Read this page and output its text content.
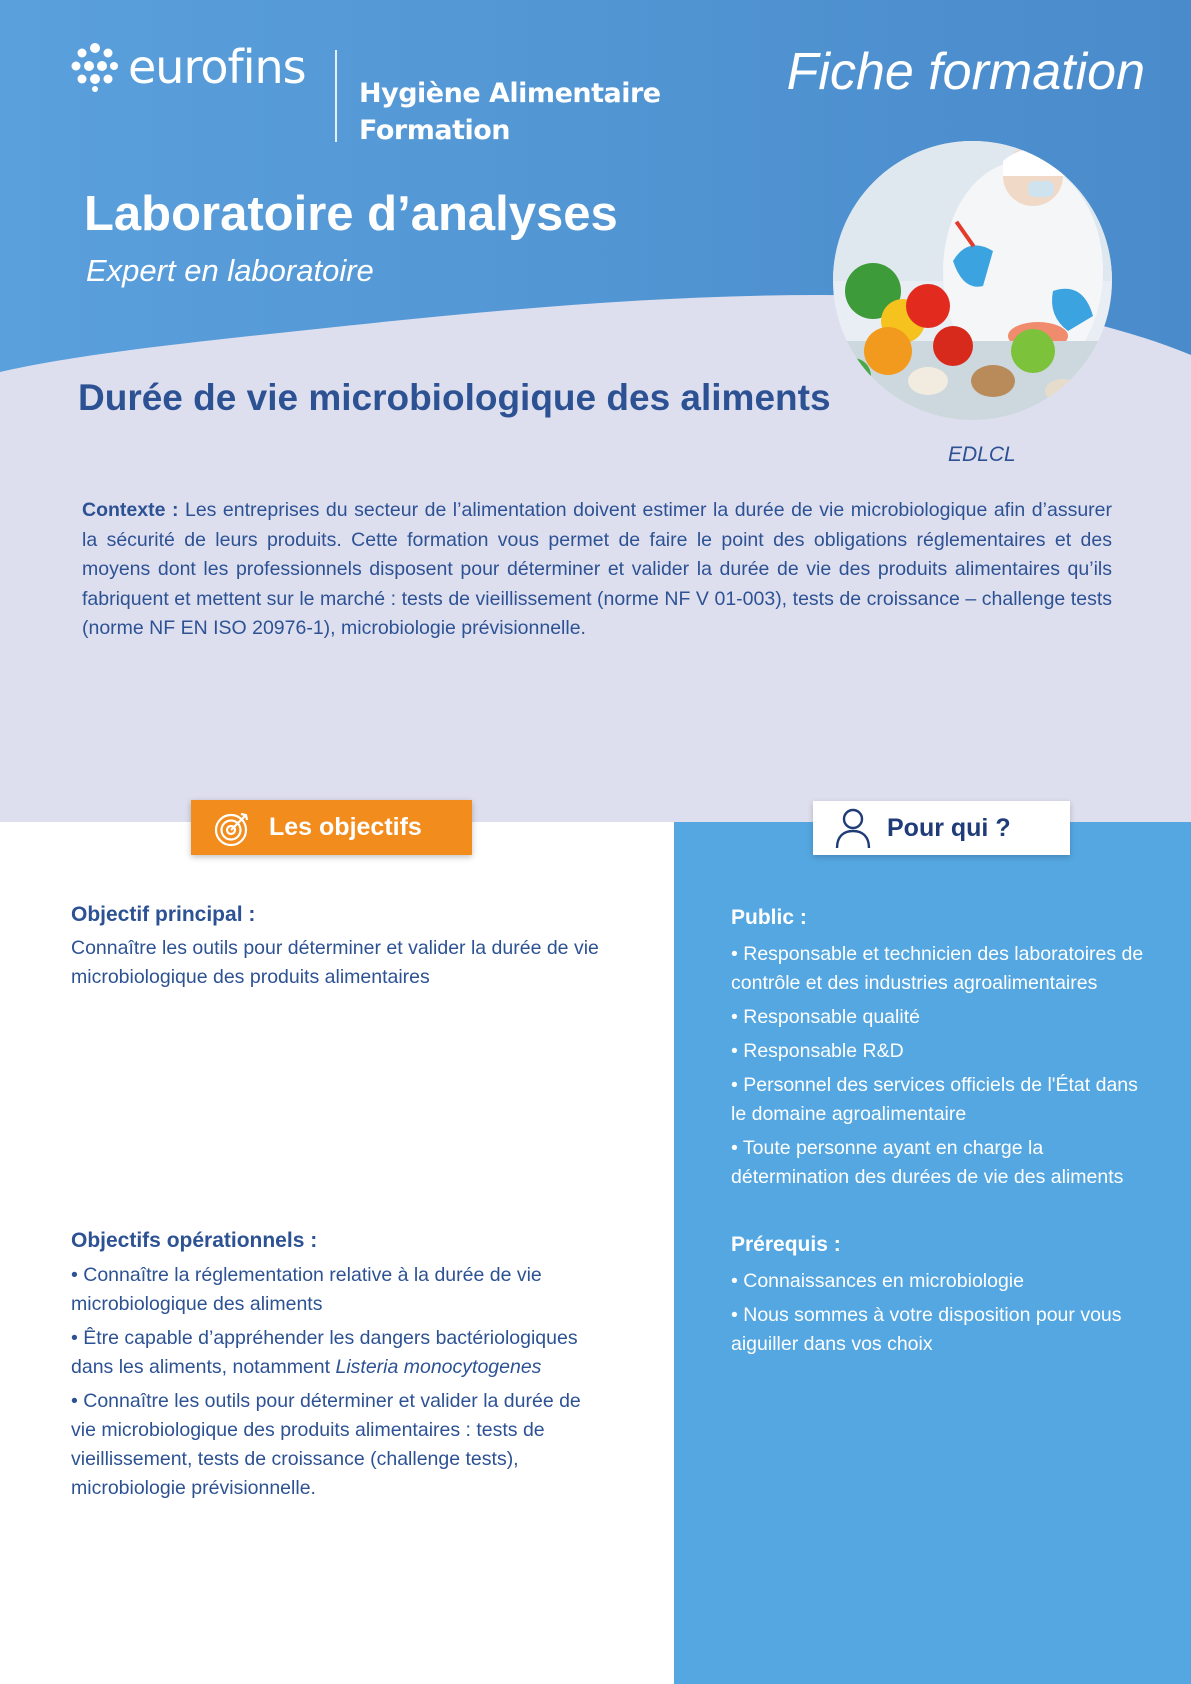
eurofins Hygiène Alimentaire
Formation
Fiche formation
Laboratoire d’analyses
Expert en laboratoire
Durée de vie microbiologique des aliments
EDLCL
Contexte : Les entreprises du secteur de l’alimentation doivent estimer la durée de vie microbiologique afin d’assurer la sécurité de leurs produits. Cette formation vous permet de faire le point des obligations réglementaires et des moyens dont les professionnels disposent pour déterminer et valider la durée de vie des produits alimentaires qu’ils fabriquent et mettent sur le marché : tests de vieillissement (norme NF V 01-003), tests de croissance – challenge tests (norme NF EN ISO 20976-1), microbiologie prévisionnelle.
Les objectifs	Pour qui ?
Objectif principal :
Connaître les outils pour déterminer et valider la durée de vie microbiologique des produits alimentaires
Objectifs opérationnels :
• Connaître la réglementation relative à la durée de vie microbiologique des aliments
• Être capable d’appréhender les dangers bactériologiques dans les aliments, notamment Listeria monocytogenes
• Connaître les outils pour déterminer et valider la durée de vie microbiologique des produits alimentaires : tests de vieillissement, tests de croissance (challenge tests), microbiologie prévisionnelle.
Public :
• Responsable et technicien des laboratoires de contrôle et des industries agroalimentaires
• Responsable qualité
• Responsable R&D
• Personnel des services officiels de l'État dans le domaine agroalimentaire
• Toute personne ayant en charge la détermination des durées de vie des aliments
Prérequis :
• Connaissances en microbiologie
• Nous sommes à votre disposition pour vous aiguiller dans vos choix
